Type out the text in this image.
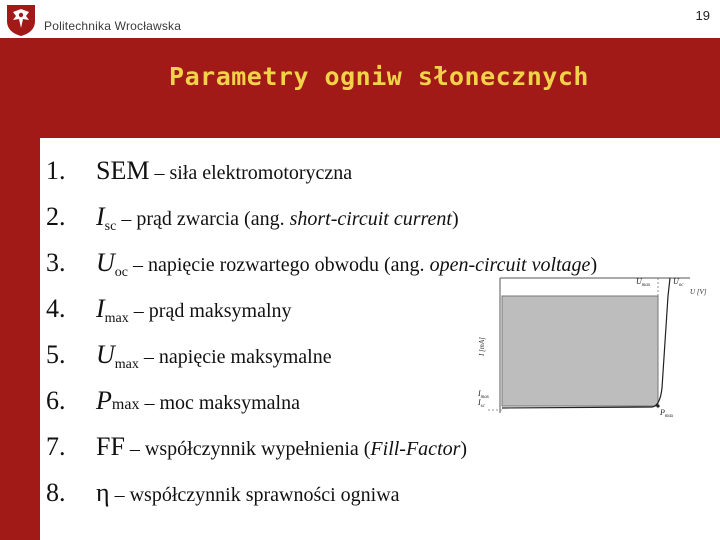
Politechnika Wrocławska
19
Parametry ogniw słonecznych
1. SEM – siła elektromotoryczna
2. Isc – prąd zwarcia (ang. short-circuit current)
3. Uoc – napięcie rozwartego obwodu (ang. open-circuit voltage)
4. Imax – prąd maksymalny
5. Umax – napięcie maksymalne
6. Pmax – moc maksymalna
7. FF – współczynnik wypełnienia (Fill-Factor)
8. η – współczynnik sprawności ogniwa
$U_{max}$	$U_{oc}$
U [V]
I [mA]
$I_{sc}$
$I_{max}$
$P_{max}$
